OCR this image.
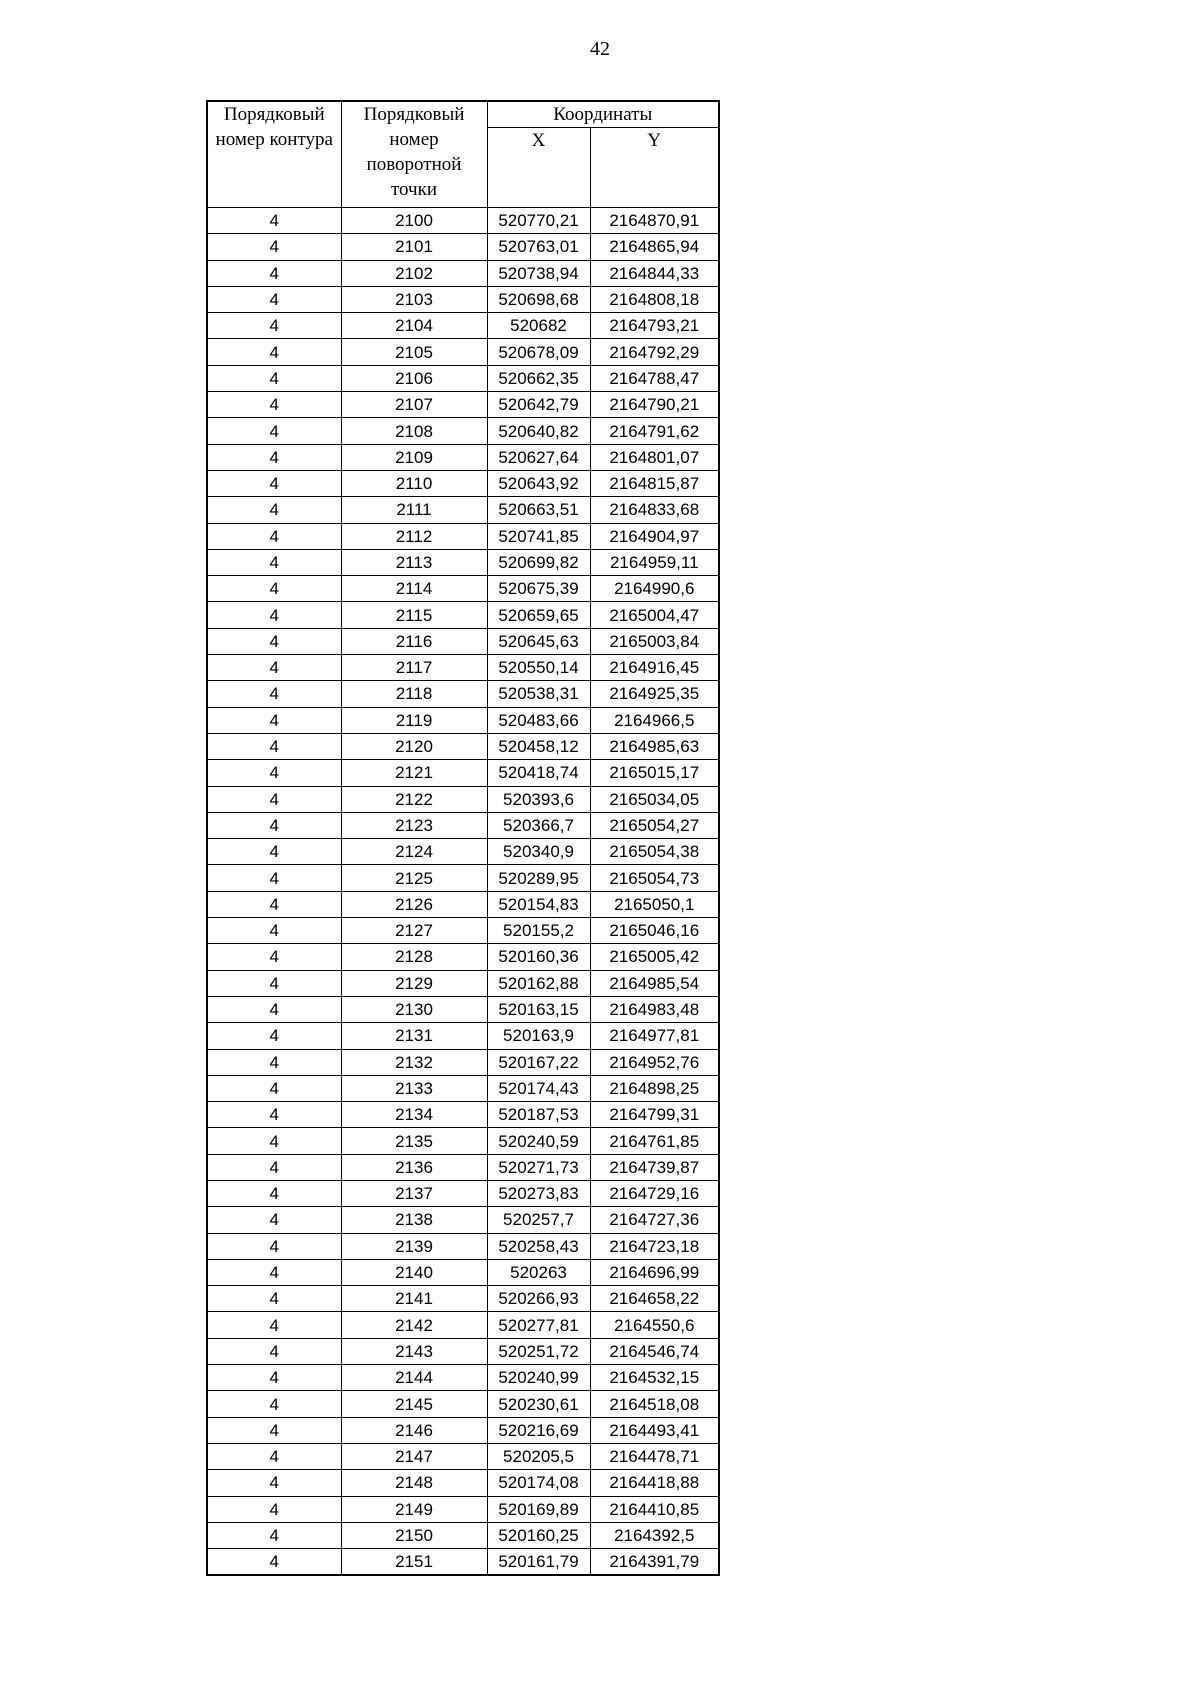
42
Порядковый номер контура	Порядковый номер поворотной точки	Координаты	
		X	Y
4	2100	520770,21	2164870,91
4	2101	520763,01	2164865,94
4	2102	520738,94	2164844,33
4	2103	520698,68	2164808,18
4	2104	520682	2164793,21
4	2105	520678,09	2164792,29
4	2106	520662,35	2164788,47
4	2107	520642,79	2164790,21
4	2108	520640,82	2164791,62
4	2109	520627,64	2164801,07
4	2110	520643,92	2164815,87
4	2111	520663,51	2164833,68
4	2112	520741,85	2164904,97
4	2113	520699,82	2164959,11
4	2114	520675,39	2164990,6
4	2115	520659,65	2165004,47
4	2116	520645,63	2165003,84
4	2117	520550,14	2164916,45
4	2118	520538,31	2164925,35
4	2119	520483,66	2164966,5
4	2120	520458,12	2164985,63
4	2121	520418,74	2165015,17
4	2122	520393,6	2165034,05
4	2123	520366,7	2165054,27
4	2124	520340,9	2165054,38
4	2125	520289,95	2165054,73
4	2126	520154,83	2165050,1
4	2127	520155,2	2165046,16
4	2128	520160,36	2165005,42
4	2129	520162,88	2164985,54
4	2130	520163,15	2164983,48
4	2131	520163,9	2164977,81
4	2132	520167,22	2164952,76
4	2133	520174,43	2164898,25
4	2134	520187,53	2164799,31
4	2135	520240,59	2164761,85
4	2136	520271,73	2164739,87
4	2137	520273,83	2164729,16
4	2138	520257,7	2164727,36
4	2139	520258,43	2164723,18
4	2140	520263	2164696,99
4	2141	520266,93	2164658,22
4	2142	520277,81	2164550,6
4	2143	520251,72	2164546,74
4	2144	520240,99	2164532,15
4	2145	520230,61	2164518,08
4	2146	520216,69	2164493,41
4	2147	520205,5	2164478,71
4	2148	520174,08	2164418,88
4	2149	520169,89	2164410,85
4	2150	520160,25	2164392,5
4	2151	520161,79	2164391,79
